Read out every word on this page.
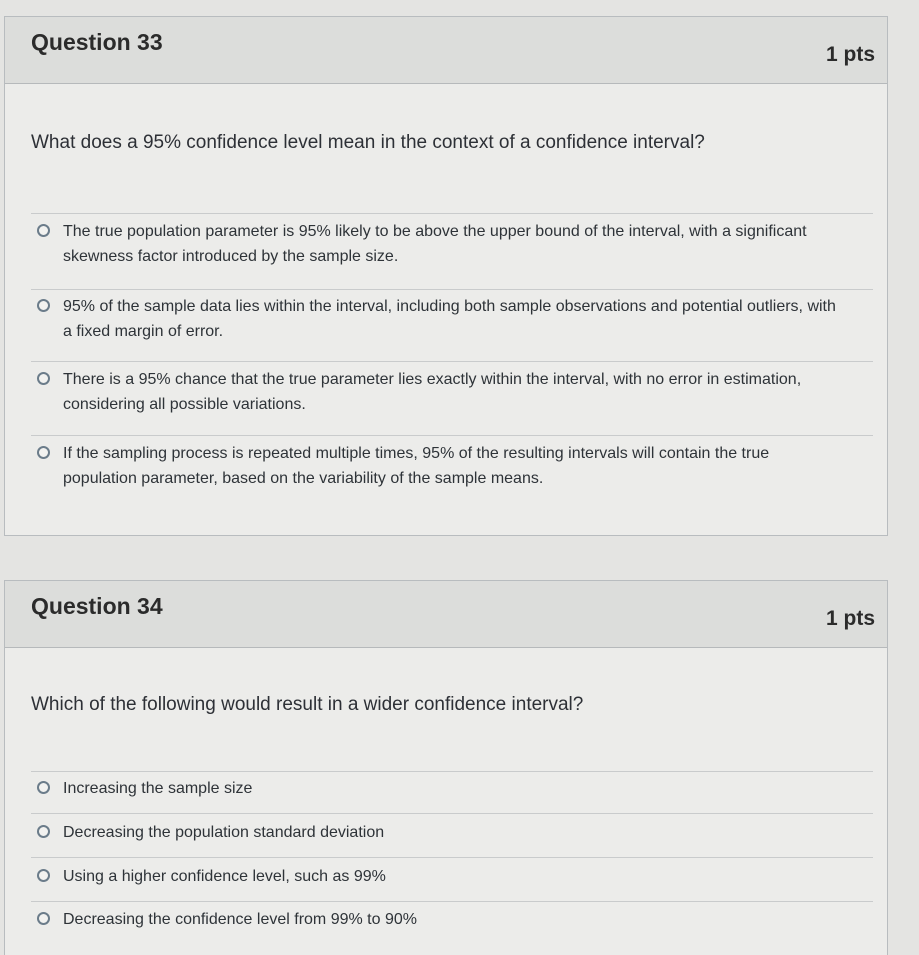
Question 33	1 pts
What does a 95% confidence level mean in the context of a confidence interval?
The true population parameter is 95% likely to be above the upper bound of the interval, with a significant skewness factor introduced by the sample size.
95% of the sample data lies within the interval, including both sample observations and potential outliers, with a fixed margin of error.
There is a 95% chance that the true parameter lies exactly within the interval, with no error in estimation, considering all possible variations.
If the sampling process is repeated multiple times, 95% of the resulting intervals will contain the true population parameter, based on the variability of the sample means.
Question 34	1 pts
Which of the following would result in a wider confidence interval?
Increasing the sample size
Decreasing the population standard deviation
Using a higher confidence level, such as 99%
Decreasing the confidence level from 99% to 90%
